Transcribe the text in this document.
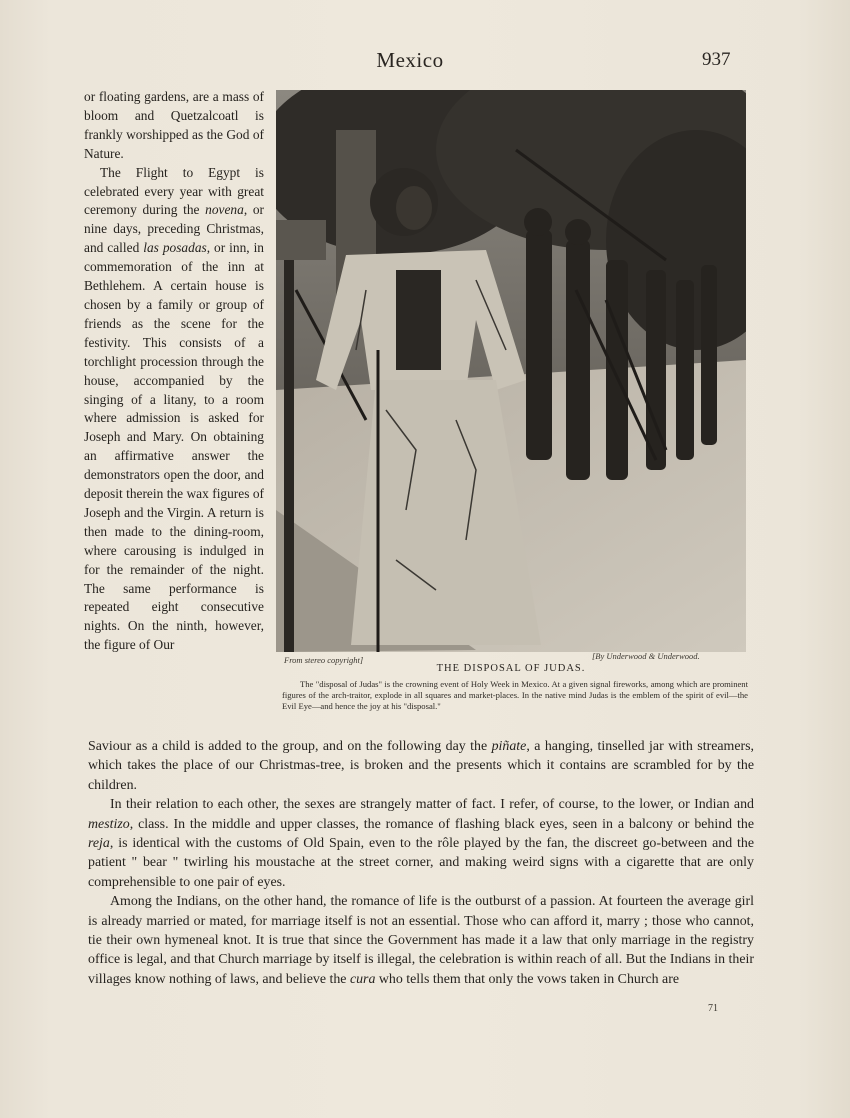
Mexico	937

or floating gardens, are a mass of bloom and Quetzalcoatl is frankly worshipped as the God of Nature.

The Flight to Egypt is celebrated every year with great ceremony during the novena, or nine days, preceding Christmas, and called las posadas, or inn, in commemoration of the inn at Bethlehem. A certain house is chosen by a family or group of friends as the scene for the festivity. This consists of a torchlight procession through the house, accompanied by the singing of a litany, to a room where admission is asked for Joseph and Mary. On obtaining an affirmative answer the demonstrators open the door, and deposit therein the wax figures of Joseph and the Virgin. A return is then made to the dining-room, where carousing is indulged in for the remainder of the night. The same performance is repeated eight consecutive nights. On the ninth, however, the figure of Our

From stereo copyright]	[By Underwood & Underwood.
THE DISPOSAL OF JUDAS.
The "disposal of Judas" is the crowning event of Holy Week in Mexico. At a given signal fireworks, among which are prominent figures of the arch-traitor, explode in all squares and market-places. In the native mind Judas is the emblem of the spirit of evil—the Evil Eye—and hence the joy at his "disposal."

Saviour as a child is added to the group, and on the following day the piñate, a hanging, tinselled jar with streamers, which takes the place of our Christmas-tree, is broken and the presents which it contains are scrambled for by the children.

In their relation to each other, the sexes are strangely matter of fact. I refer, of course, to the lower, or Indian and mestizo, class. In the middle and upper classes, the romance of flashing black eyes, seen in a balcony or behind the reja, is identical with the customs of Old Spain, even to the rôle played by the fan, the discreet go-between and the patient " bear " twirling his moustache at the street corner, and making weird signs with a cigarette that are only comprehensible to one pair of eyes.

Among the Indians, on the other hand, the romance of life is the outburst of a passion. At fourteen the average girl is already married or mated, for marriage itself is not an essential. Those who can afford it, marry ; those who cannot, tie their own hymeneal knot. It is true that since the Government has made it a law that only marriage in the registry office is legal, and that Church marriage by itself is illegal, the celebration is within reach of all. But the Indians in their villages know nothing of laws, and believe the cura who tells them that only the vows taken in Church are

71
